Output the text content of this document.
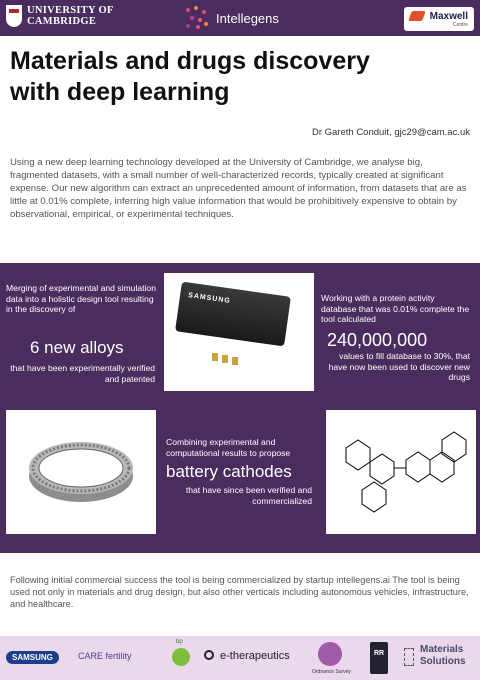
UNIVERSITY OF
CAMBRIDGE	Intellegens	Maxwell
Centre
Materials and drugs discovery
with deep learning
Dr Gareth Conduit, gjc29@cam.ac.uk
Using a new deep learning technology developed at the University of Cambridge, we analyse big, fragmented datasets, with a small number of well-characterized records, typically created at significant expense. Our new algorithm can extract an unprecedented amount of information, from datasets that are as little at 0.01% complete, inferring high value information that would be prohibitively expensive to obtain by observational, empirical, or experimental techniques.
Merging of experimental and simulation data into a holistic design tool resulting in the discovery of
6 new alloys
that have been experimentally verified and patented
SAMSUNG	Working with a protein activity database that was 0.01% complete the tool calculated
240,000,000
values to fill database to 30%, that have now been used to discover new drugs
Combining experimental and computational results to propose
battery cathodes
that have since been verified and commercialized
Following initial commercial success the tool is being commercialized by startup intellegens.ai The tool is being used not only in materials and drug design, but also other verticals including autonomous vehicles, infrastructure, and healthcare.
SAMSUNG	CARE fertility
bp
e-therapeutics
Ordnance Survey
RR	Materials
Solutions
